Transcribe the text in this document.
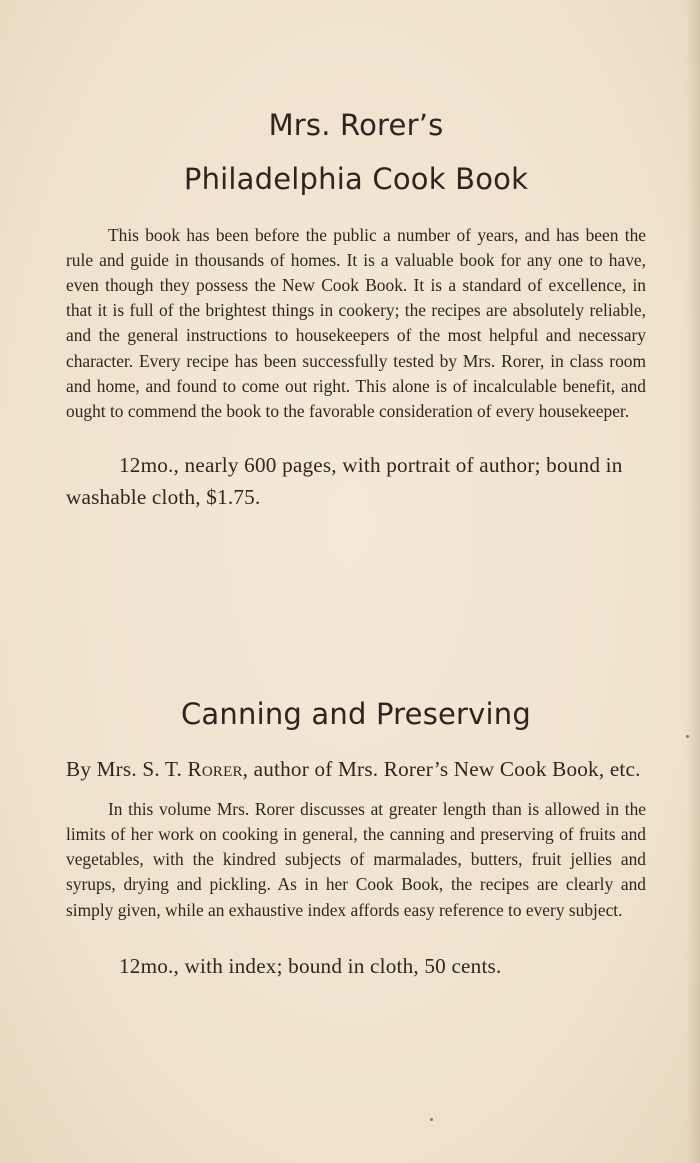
Mrs. Rorer’s
Philadelphia Cook Book

This book has been before the public a number of years, and has been the rule and guide in thousands of homes. It is a valuable book for any one to have, even though they possess the New Cook Book. It is a standard of excellence, in that it is full of the brightest things in cookery; the recipes are absolutely reliable, and the general instructions to housekeepers of the most helpful and necessary character. Every recipe has been successfully tested by Mrs. Rorer, in class room and home, and found to come out right. This alone is of incalculable benefit, and ought to commend the book to the favorable consideration of every housekeeper.

12mo., nearly 600 pages, with portrait of author; bound in washable cloth, $1.75.

Canning and Preserving

By Mrs. S. T. Rorer, author of Mrs. Rorer’s New Cook Book, etc.

In this volume Mrs. Rorer discusses at greater length than is allowed in the limits of her work on cooking in general, the canning and preserving of fruits and vegetables, with the kindred subjects of marmalades, butters, fruit jellies and syrups, drying and pickling. As in her Cook Book, the recipes are clearly and simply given, while an exhaustive index affords easy reference to every subject.

12mo., with index; bound in cloth, 50 cents.
